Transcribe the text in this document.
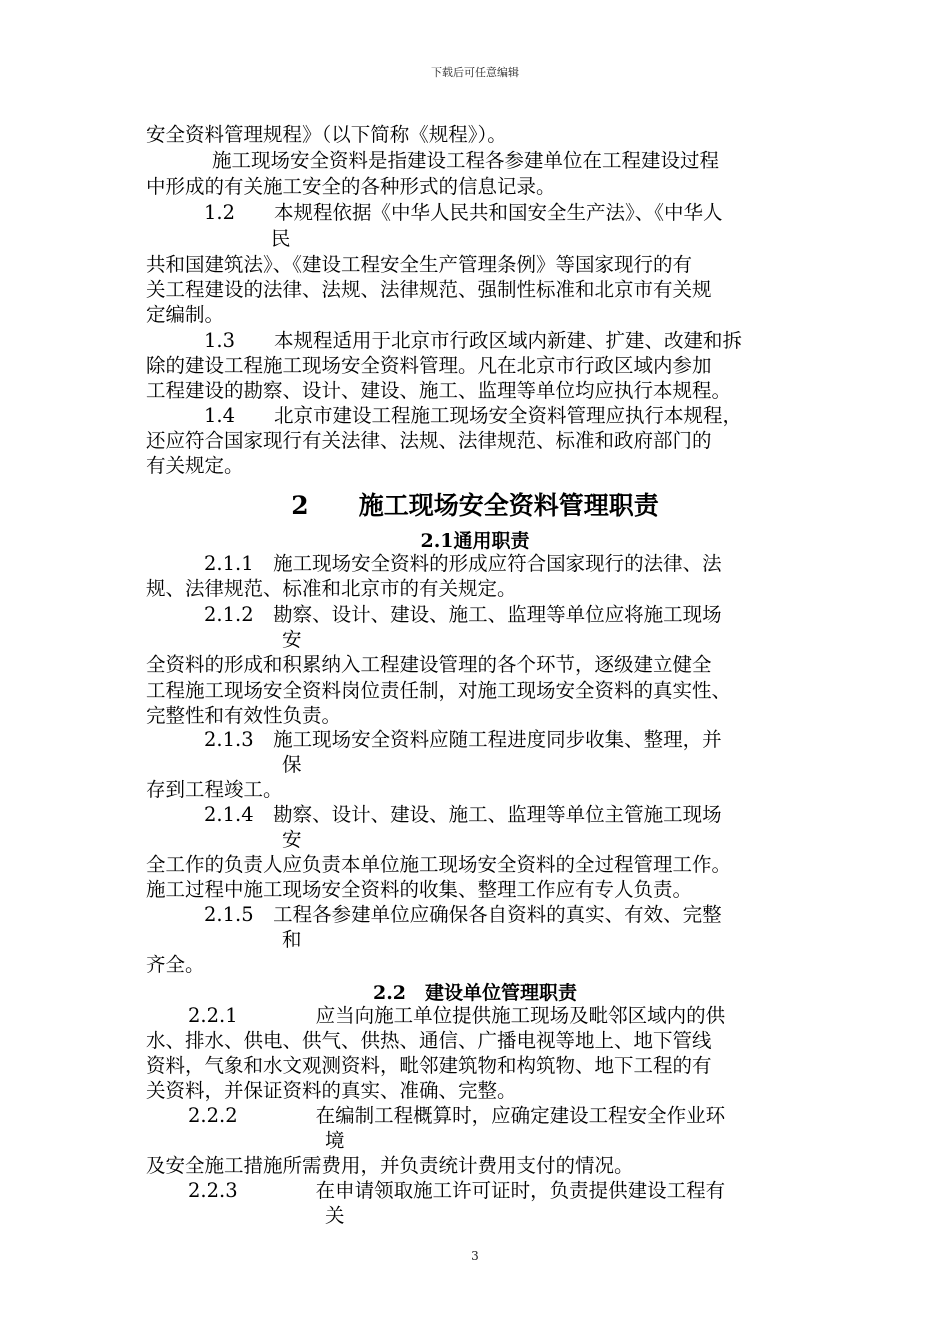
下载后可任意编辑
安全资料管理规程》（以下简称《规程》）。
施工现场安全资料是指建设工程各参建单位在工程建设过程
中形成的有关施工安全的各种形式的信息记录。
1.2　　本规程依据《中华人民共和国安全生产法》、《中华人
民
共和国建筑法》、《建设工程安全生产管理条例》等国家现行的有
关工程建设的法律、法规、法律规范、强制性标准和北京市有关规
定编制。
1.3　　本规程适用于北京市行政区域内新建、扩建、改建和拆
除的建设工程施工现场安全资料管理。凡在北京市行政区域内参加
工程建设的勘察、设计、建设、施工、监理等单位均应执行本规程。
1.4　　北京市建设工程施工现场安全资料管理应执行本规程，
还应符合国家现行有关法律、法规、法律规范、标准和政府部门的
有关规定。
2　　施工现场安全资料管理职责
2.1通用职责
2.1.1　施工现场安全资料的形成应符合国家现行的法律、法
规、法律规范、标准和北京市的有关规定。
2.1.2　勘察、设计、建设、施工、监理等单位应将施工现场
安
全资料的形成和积累纳入工程建设管理的各个环节，逐级建立健全
工程施工现场安全资料岗位责任制，对施工现场安全资料的真实性、
完整性和有效性负责。
2.1.3　施工现场安全资料应随工程进度同步收集、整理，并
保
存到工程竣工。
2.1.4　勘察、设计、建设、施工、监理等单位主管施工现场
安
全工作的负责人应负责本单位施工现场安全资料的全过程管理工作。
施工过程中施工现场安全资料的收集、整理工作应有专人负责。
2.1.5　工程各参建单位应确保各自资料的真实、有效、完整
和
齐全。
2.2　建设单位管理职责
2.2.1　　　　应当向施工单位提供施工现场及毗邻区域内的供
水、排水、供电、供气、供热、通信、广播电视等地上、地下管线
资料，气象和水文观测资料，毗邻建筑物和构筑物、地下工程的有
关资料，并保证资料的真实、准确、完整。
2.2.2　　　　在编制工程概算时，应确定建设工程安全作业环
境
及安全施工措施所需费用，并负责统计费用支付的情况。
2.2.3　　　　在申请领取施工许可证时，负责提供建设工程有
关
3
